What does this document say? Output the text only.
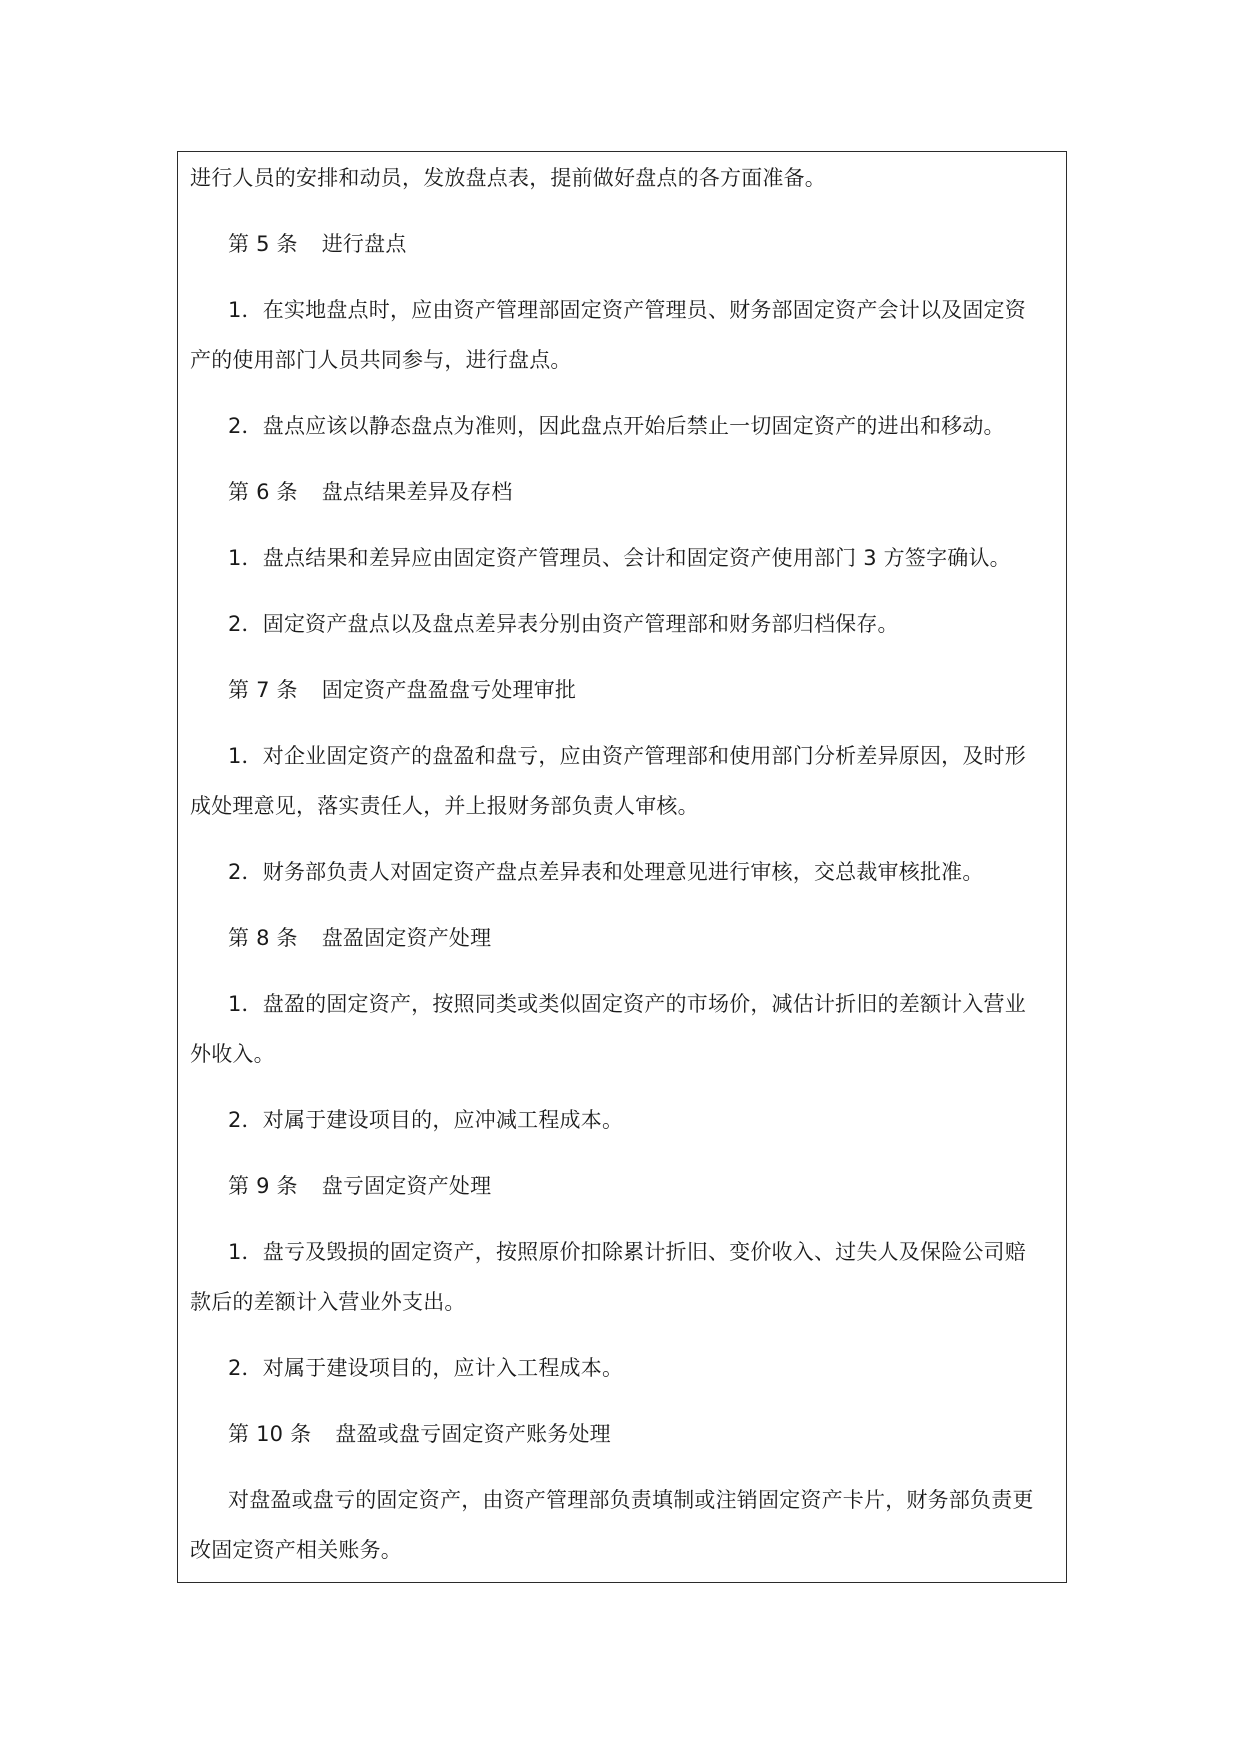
进行人员的安排和动员，发放盘点表，提前做好盘点的各方面准备。
第 5 条 进行盘点
1．在实地盘点时，应由资产管理部固定资产管理员、财务部固定资产会计以及固定资
产的使用部门人员共同参与，进行盘点。
2．盘点应该以静态盘点为准则，因此盘点开始后禁止一切固定资产的进出和移动。
第 6 条 盘点结果差异及存档
1．盘点结果和差异应由固定资产管理员、会计和固定资产使用部门 3 方签字确认。
2．固定资产盘点以及盘点差异表分别由资产管理部和财务部归档保存。
第 7 条 固定资产盘盈盘亏处理审批
1．对企业固定资产的盘盈和盘亏，应由资产管理部和使用部门分析差异原因，及时形
成处理意见，落实责任人，并上报财务部负责人审核。
2．财务部负责人对固定资产盘点差异表和处理意见进行审核，交总裁审核批准。
第 8 条 盘盈固定资产处理
1．盘盈的固定资产，按照同类或类似固定资产的市场价，减估计折旧的差额计入营业
外收入。
2．对属于建设项目的，应冲减工程成本。
第 9 条 盘亏固定资产处理
1．盘亏及毁损的固定资产，按照原价扣除累计折旧、变价收入、过失人及保险公司赔
款后的差额计入营业外支出。
2．对属于建设项目的，应计入工程成本。
第 10 条 盘盈或盘亏固定资产账务处理
对盘盈或盘亏的固定资产，由资产管理部负责填制或注销固定资产卡片，财务部负责更
改固定资产相关账务。
